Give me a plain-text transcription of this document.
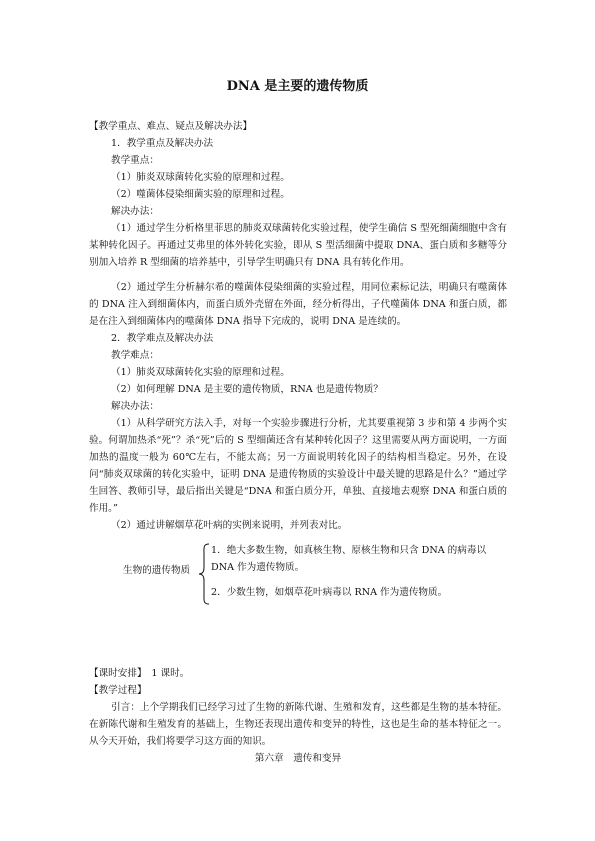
DNA 是主要的遗传物质

【教学重点、难点、疑点及解决办法】

1．教学重点及解决办法

教学重点：

（1）肺炎双球菌转化实验的原理和过程。

（2）噬菌体侵染细菌实验的原理和过程。

解决办法：

（1）通过学生分析格里菲思的肺炎双球菌转化实验过程，使学生确信 S 型死细菌细胞中含有某种转化因子。再通过艾弗里的体外转化实验，即从 S 型活细菌中提取 DNA、蛋白质和多糖等分别加入培养 R 型细菌的培养基中，引导学生明确只有 DNA 具有转化作用。

（2）通过学生分析赫尔希的噬菌体侵染细菌的实验过程，用同位素标记法，明确只有噬菌体的 DNA 注入到细菌体内，而蛋白质外壳留在外面，经分析得出，子代噬菌体 DNA 和蛋白质，都是在注入到细菌体内的噬菌体 DNA 指导下完成的，说明 DNA 是连续的。

2．教学难点及解决办法

教学难点：

（1）肺炎双球菌转化实验的原理和过程。

（2）如何理解 DNA 是主要的遗传物质，RNA 也是遗传物质？

解决办法：

（1）从科学研究方法入手，对每一个实验步骤进行分析，尤其要重视第 3 步和第 4 步两个实验。何谓加热杀“死”？杀“死”后的 S 型细菌还含有某种转化因子？这里需要从两方面说明，一方面加热的温度一般为 60℃左右，不能太高；另一方面说明转化因子的结构相当稳定。另外，在设问“肺炎双球菌的转化实验中，证明 DNA 是遗传物质的实验设计中最关键的思路是什么？”通过学生回答、教师引导，最后指出关键是“DNA 和蛋白质分开，单独、直接地去观察 DNA 和蛋白质的作用。”

（2）通过讲解烟草花叶病的实例来说明，并列表对比。

生物的遗传物质
1．绝大多数生物，如真核生物、原核生物和只含 DNA 的病毒以 DNA 作为遗传物质。
2．少数生物，如烟草花叶病毒以 RNA 作为遗传物质。

【课时安排】　1 课时。

【教学过程】

引言：上个学期我们已经学习过了生物的新陈代谢、生殖和发育，这些都是生物的基本特征。在新陈代谢和生殖发育的基础上，生物还表现出遗传和变异的特性，这也是生命的基本特征之一。从今天开始，我们将要学习这方面的知识。

第六章　遗传和变异
